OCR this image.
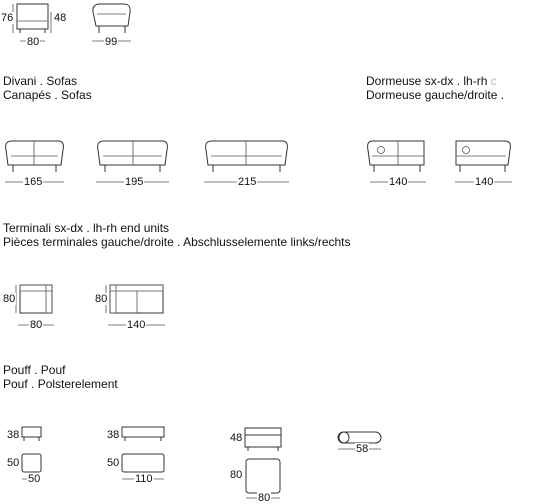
76	48
80	99
Divani . Sofas
Canapés . Sofas
Dormeuse sx-dx . lh-rh c
Dormeuse gauche/droite .
165	195	215	140	140
Terminali sx-dx . lh-rh end units
Pièces terminales gauche/droite . Abschlusselemente links/rechts
80
80
80
140
Pouff . Pouf
Pouf . Polsterelement
38
50
50
38
50
110
48
80
80
58
